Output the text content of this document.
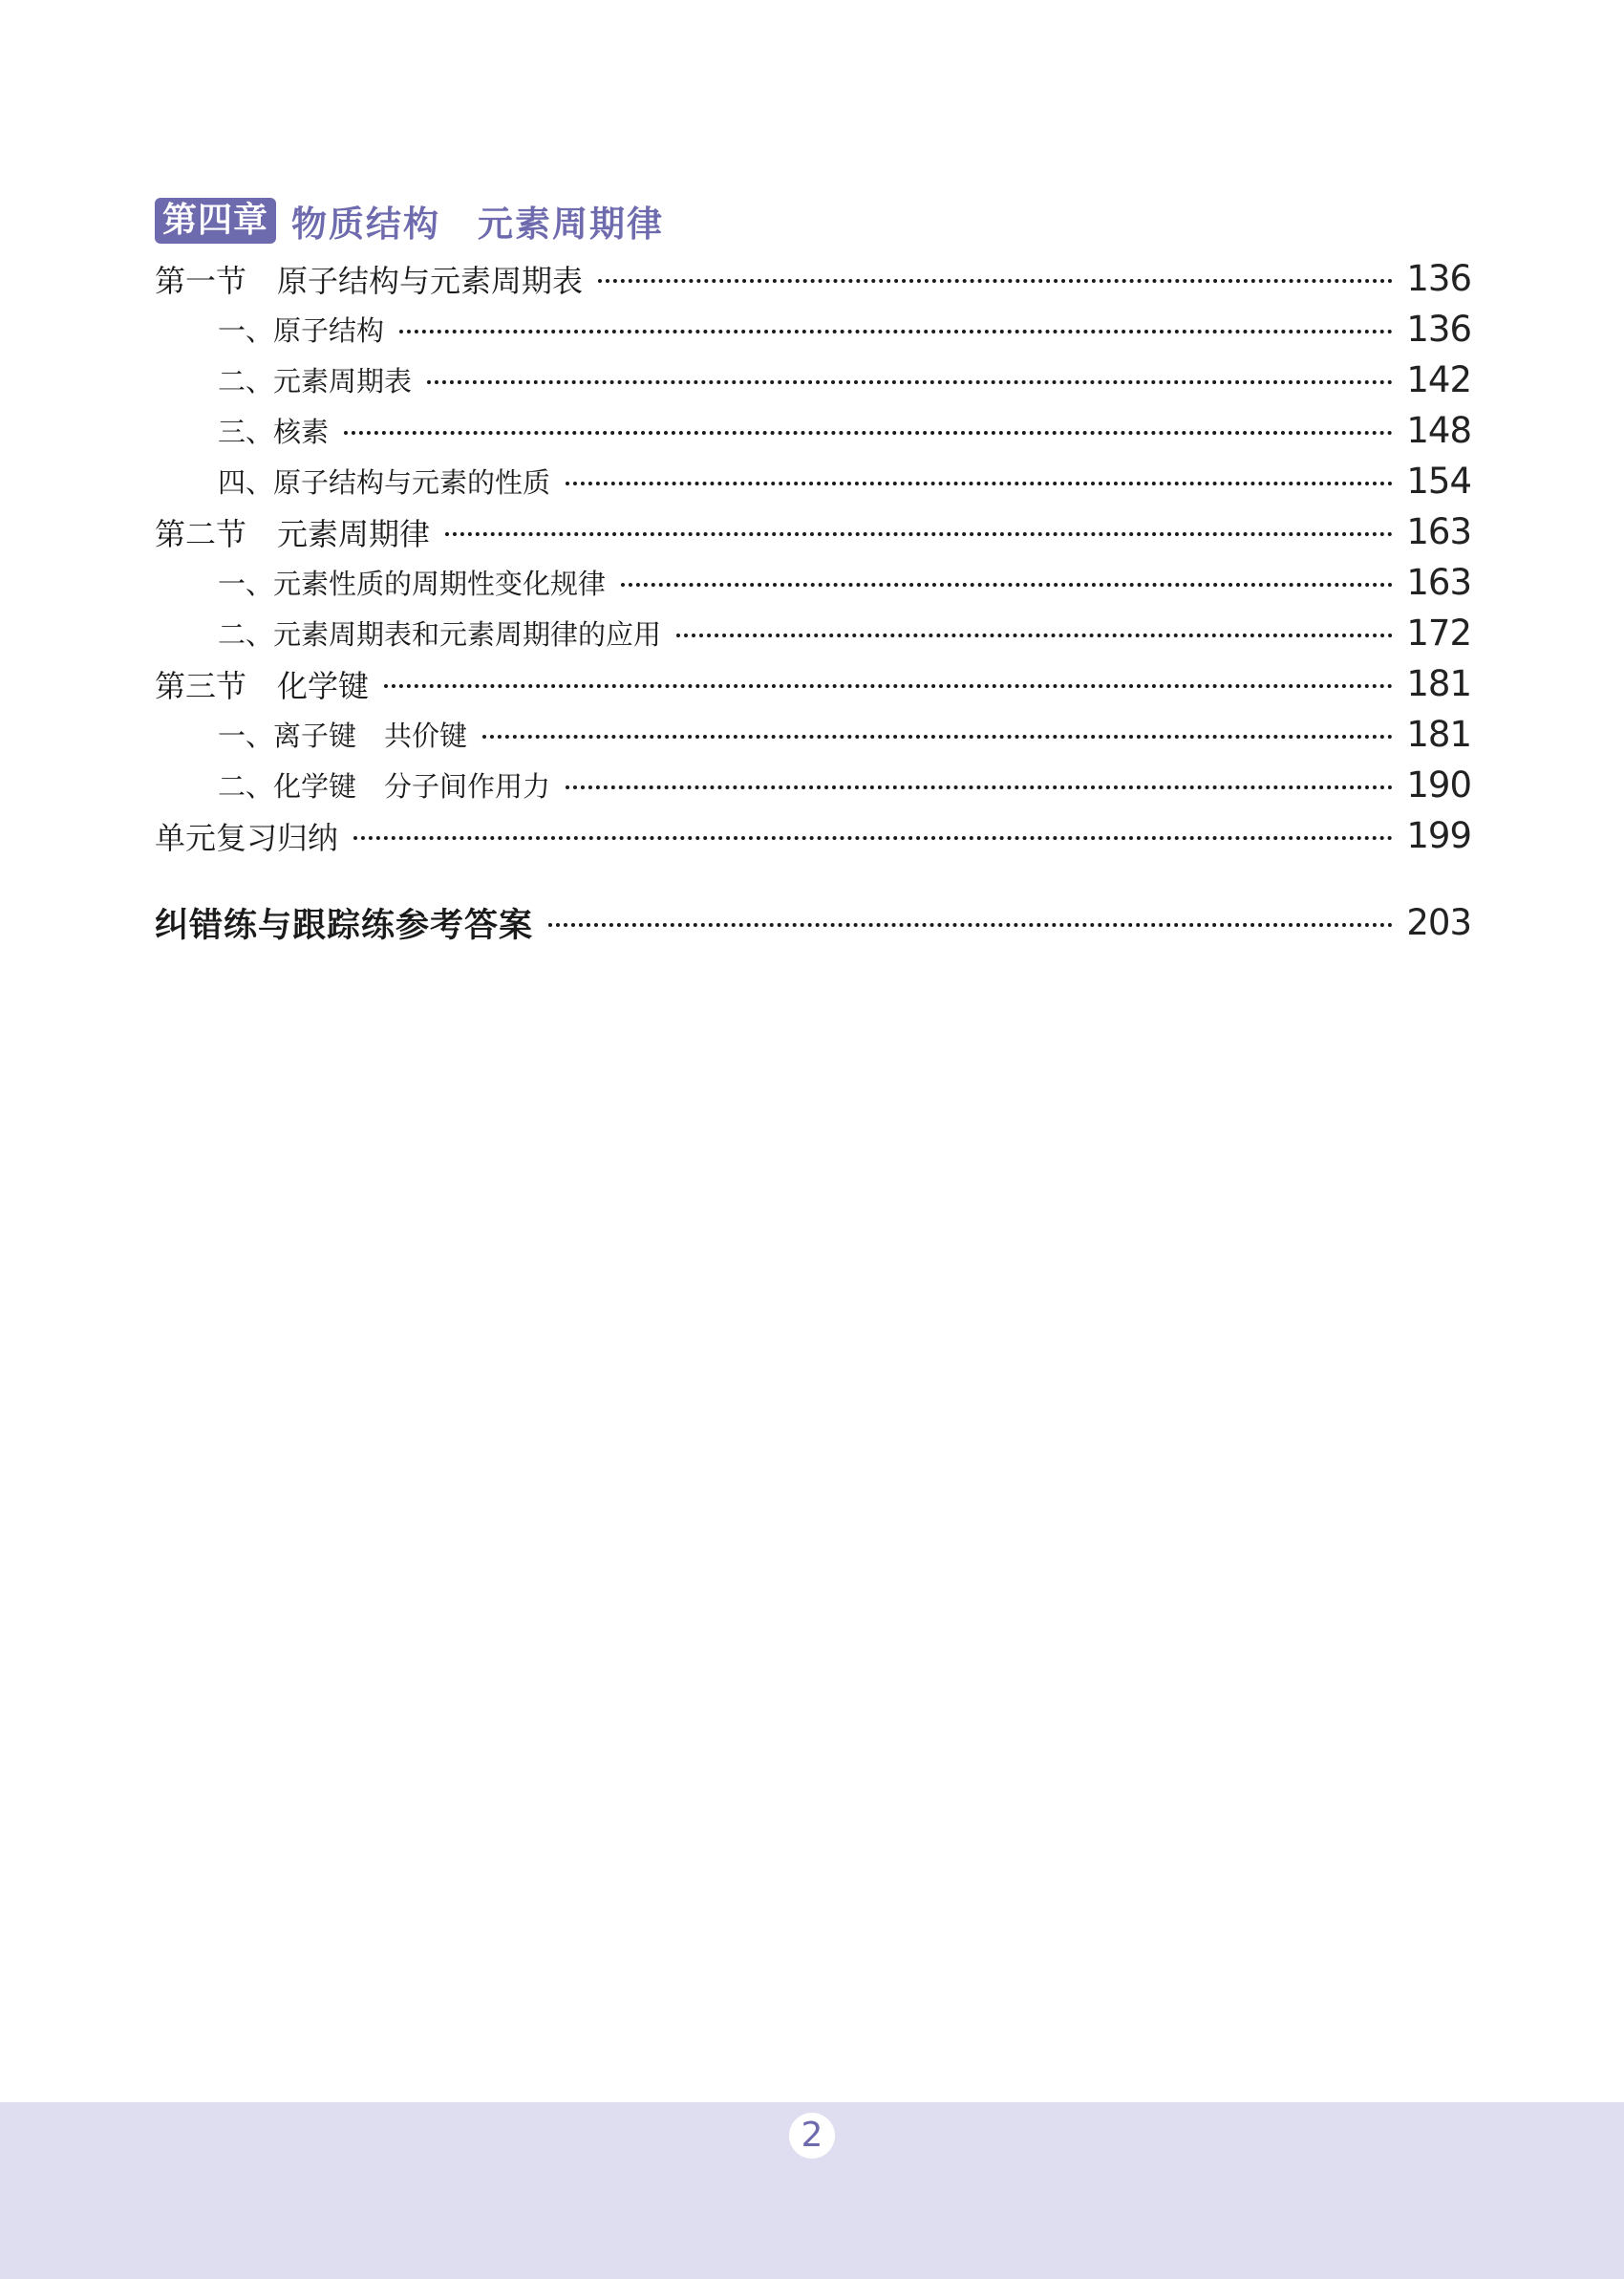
第四章 物质结构　元素周期律
第一节　原子结构与元素周期表	136
一、原子结构	136
二、元素周期表	142
三、核素	148
四、原子结构与元素的性质	154
第二节　元素周期律	163
一、元素性质的周期性变化规律	163
二、元素周期表和元素周期律的应用	172
第三节　化学键	181
一、离子键　共价键	181
二、化学键　分子间作用力	190
单元复习归纳	199
纠错练与跟踪练参考答案	203
2
